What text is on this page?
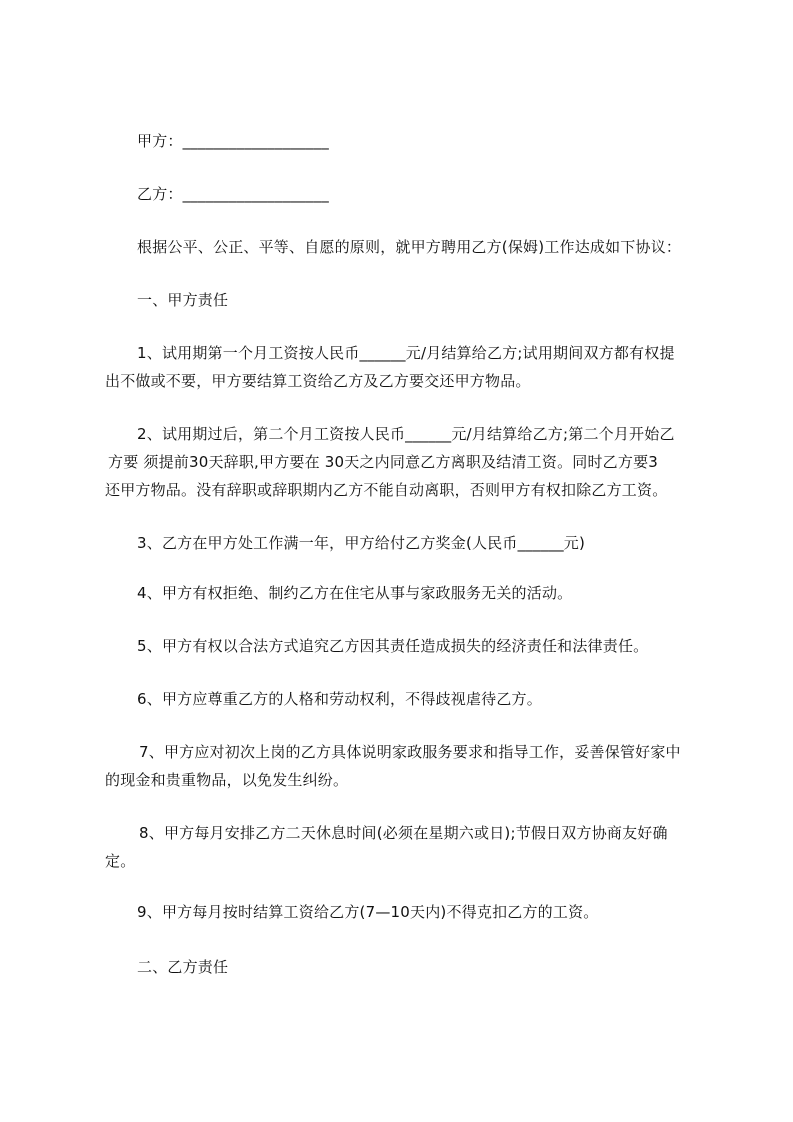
甲方：___________________
乙方：___________________
根据公平、公正、平等、自愿的原则，就甲方聘用乙方(保姆)工作达成如下协议：
一、甲方责任
1、试用期第一个月工资按人民币______元/月结算给乙方;试用期间双方都有权提
出不做或不要，甲方要结算工资给乙方及乙方要交还甲方物品。
2、试用期过后，第二个月工资按人民币______元/月结算给乙方;第二个月开始乙
方要 须提前30天辞职,甲方要在 30天之内同意乙方离职及结清工资。同时乙方要3
还甲方物品。没有辞职或辞职期内乙方不能自动离职，否则甲方有权扣除乙方工资。
3、乙方在甲方处工作满一年，甲方给付乙方奖金(人民币______元)
4、甲方有权拒绝、制约乙方在住宅从事与家政服务无关的活动。
5、甲方有权以合法方式追究乙方因其责任造成损失的经济责任和法律责任。
6、甲方应尊重乙方的人格和劳动权利，不得歧视虐待乙方。
7、甲方应对初次上岗的乙方具体说明家政服务要求和指导工作，妥善保管好家中
的现金和贵重物品，以免发生纠纷。
8、甲方每月安排乙方二天休息时间(必须在星期六或日);节假日双方协商友好确
定。
9、甲方每月按时结算工资给乙方(7—10天内)不得克扣乙方的工资。
二、乙方责任
